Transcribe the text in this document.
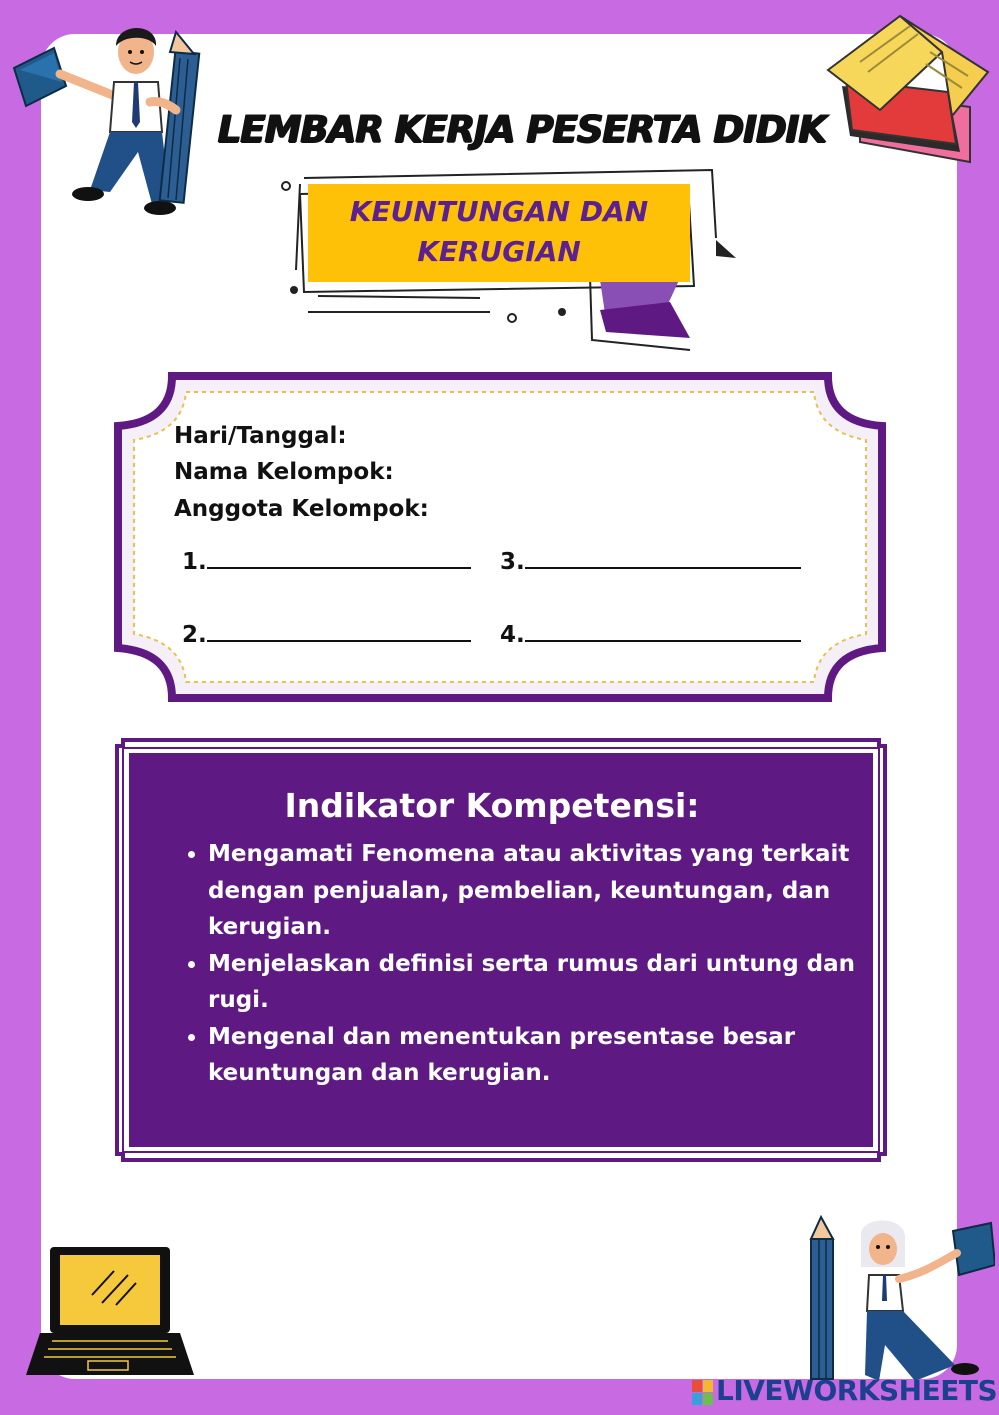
LEMBAR KERJA PESERTA DIDIK
KEUNTUNGAN DAN
KERUGIAN
Hari/Tanggal:
Nama Kelompok:
Anggota Kelompok:
1.	3.
2.	4.
Indikator Kompetensi:
• Mengamati Fenomena atau aktivitas yang terkait dengan penjualan, pembelian, keuntungan, dan kerugian.
• Menjelaskan definisi serta rumus dari untung dan rugi.
• Mengenal dan menentukan presentase besar keuntungan dan kerugian.
LIVEWORKSHEETS
